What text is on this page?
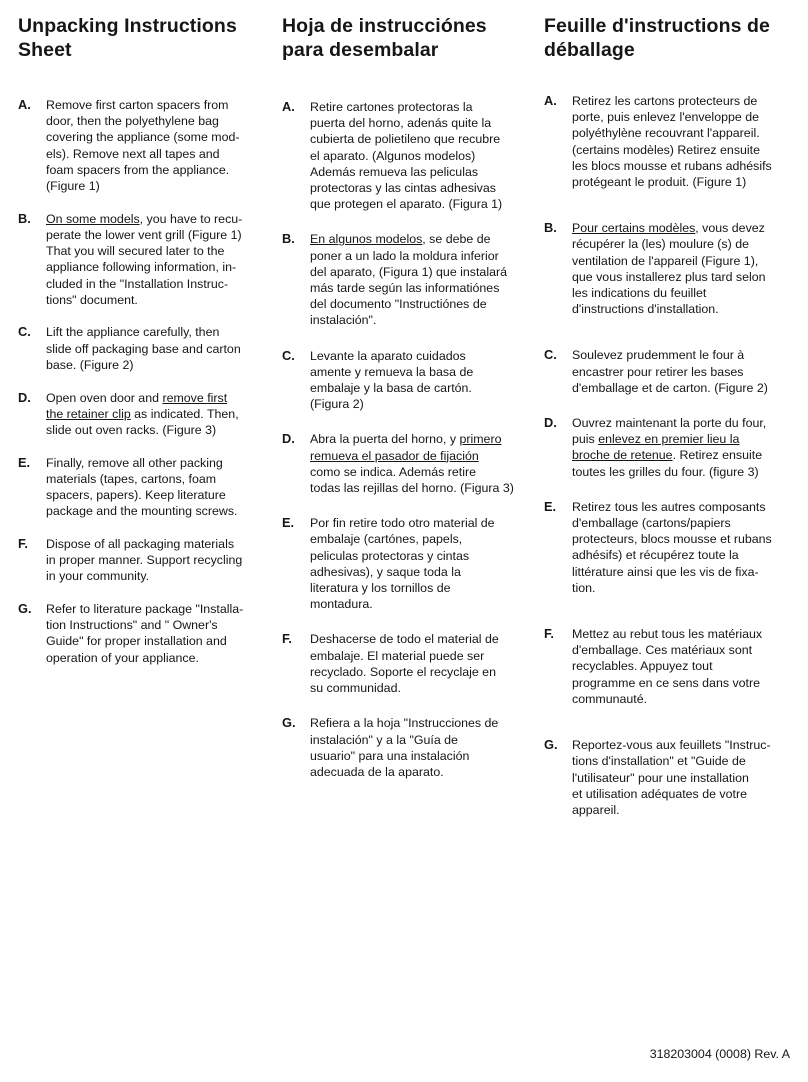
Unpacking Instructions
Sheet
A.	Remove first carton spacers from
door, then the polyethylene bag
covering the appliance (some mod-
els). Remove next all tapes and
foam spacers from the appliance.
(Figure 1)
B.	On some models, you have to recu-
perate the lower vent grill (Figure 1)
That you will secured later to the
appliance following information, in-
cluded in the "Installation Instruc-
tions" document.
C.	Lift the appliance carefully, then
slide off packaging base and carton
base. (Figure 2)
D.	Open oven door and remove first
the retainer clip as indicated. Then,
slide out oven racks. (Figure 3)
E.	Finally, remove all other packing
materials (tapes, cartons, foam
spacers, papers). Keep literature
package and the mounting screws.
F.	Dispose of all packaging materials
in proper manner. Support recycling
in your community.
G.	Refer to literature package "Installa-
tion Instructions" and " Owner's
Guide" for proper installation and
operation of your appliance.
Hoja de instrucciónes
para desembalar
A.	Retire cartones protectoras la
puerta del horno, adenás quite la
cubierta de polietileno que recubre
el aparato. (Algunos modelos)
Además remueva las peliculas
protectoras y las cintas adhesivas
que protegen el aparato. (Figura 1)
B.	En algunos modelos, se debe de
poner a un lado la moldura inferior
del aparato, (Figura 1) que instalará
más tarde según las informatiónes
del documento "Instructiónes de
instalación".
C.	Levante la aparato cuidados
amente y remueva la basa de
embalaje y la basa de cartón.
(Figura 2)
D.	Abra la puerta del horno, y primero
remueva el pasador de fijación
como se indica. Además retire
todas las rejillas del horno. (Figura 3)
E.	Por fin retire todo otro material de
embalaje (cartónes, papels,
peliculas protectoras y cintas
adhesivas), y saque toda la
literatura y los tornillos de
montadura.
F.	Deshacerse de todo el material de
embalaje. El material puede ser
recyclado. Soporte el recyclaje en
su communidad.
G.	Refiera a la hoja "Instrucciones de
instalación" y a la "Guía de
usuario" para una instalación
adecuada de la aparato.
Feuille d'instructions de
déballage
A.	Retirez les cartons protecteurs de
porte, puis enlevez l'enveloppe de
polyéthylène recouvrant l'appareil.
(certains modèles) Retirez ensuite
les blocs mousse et rubans adhésifs
protégeant le produit. (Figure 1)
B.	Pour certains modèles, vous devez
récupérer la (les) moulure (s) de
ventilation de l'appareil (Figure 1),
que vous installerez plus tard selon
les indications du feuillet
d'instructions d'installation.
C.	Soulevez prudemment le four à
encastrer pour retirer les bases
d'emballage et de carton. (Figure 2)
D.	Ouvrez maintenant la porte du four,
puis enlevez en premier lieu la
broche de retenue. Retirez ensuite
toutes les grilles du four. (figure 3)
E.	Retirez tous les autres composants
d'emballage (cartons/papiers
protecteurs, blocs mousse et rubans
adhésifs) et récupérez toute la
littérature ainsi que les vis de fixa-
tion.
F.	Mettez au rebut tous les matériaux
d'emballage. Ces matériaux sont
recyclables. Appuyez tout
programme en ce sens dans votre
communauté.
G.	Reportez-vous aux feuillets "Instruc-
tions d'installation" et "Guide de
l'utilisateur" pour une installation
et utilisation adéquates de votre
appareil.
318203004 (0008) Rev. A
